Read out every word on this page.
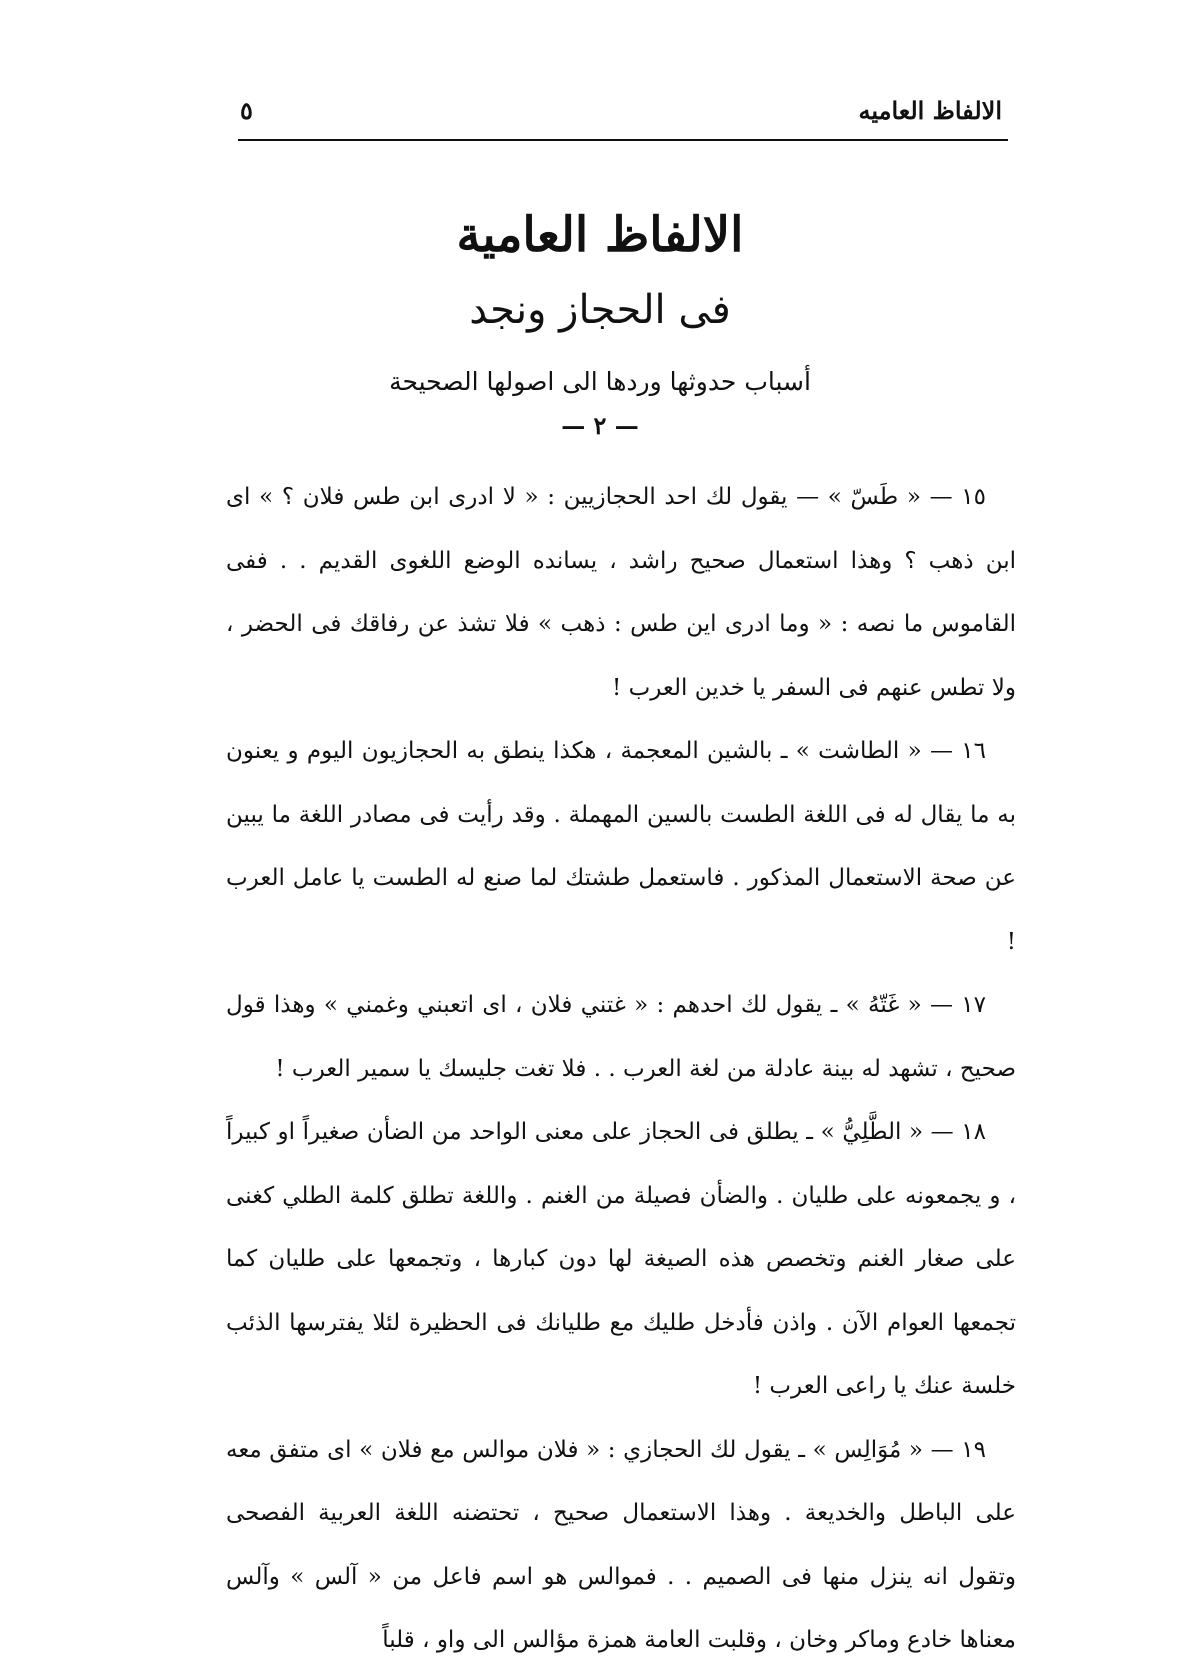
الالفاظ العاميه
٥
الالفاظ العامية
فى الحجاز ونجد
أسباب حدوثها وردها الى اصولها الصحيحة
— ٢ —

١٥ — « طَسّ » — يقول لك احد الحجازيين : « لا ادرى ابن طس فلان ؟ » اى ابن ذهب ؟ وهذا استعمال صحيح راشد ، يسانده الوضع اللغوى القديم . . ففى القاموس ما نصه : « وما ادرى اين طس : ذهب » فلا تشذ عن رفاقك فى الحضر ، ولا تطس عنهم فى السفر يا خدين العرب !

١٦ — « الطاشت » ـ بالشين المعجمة ، هكذا ينطق به الحجازيون اليوم و يعنون به ما يقال له فى اللغة الطست بالسين المهملة . وقد رأيت فى مصادر اللغة ما يبين عن صحة الاستعمال المذكور . فاستعمل طشتك لما صنع له الطست يا عامل العرب !

١٧ — « غَتّهُ » ـ يقول لك احدهم : « غتني فلان ، اى اتعبني وغمني » وهذا قول صحيح ، تشهد له بينة عادلة من لغة العرب . . فلا تغت جليسك يا سمير العرب !

١٨ — « الطَّلِيُّ » ـ يطلق فى الحجاز على معنى الواحد من الضأن صغيراً او كبيراً ، و يجمعونه على طليان . والضأن فصيلة من الغنم . واللغة تطلق كلمة الطلي كغنى على صغار الغنم وتخصص هذه الصيغة لها دون كبارها ، وتجمعها على طليان كما تجمعها العوام الآن . واذن فأدخل طليك مع طليانك فى الحظيرة لئلا يفترسها الذئب خلسة عنك يا راعى العرب !

١٩ — « مُوَالِس » ـ يقول لك الحجازي : « فلان موالس مع فلان » اى متفق معه على الباطل والخديعة . وهذا الاستعمال صحيح ، تحتضنه اللغة العربية الفصحى وتقول انه ينزل منها فى الصميم . . فموالس هو اسم فاعل من « آلس » وآلس معناها خادع وماكر وخان ، وقلبت العامة همزة مؤالس الى واو ، قلباً
